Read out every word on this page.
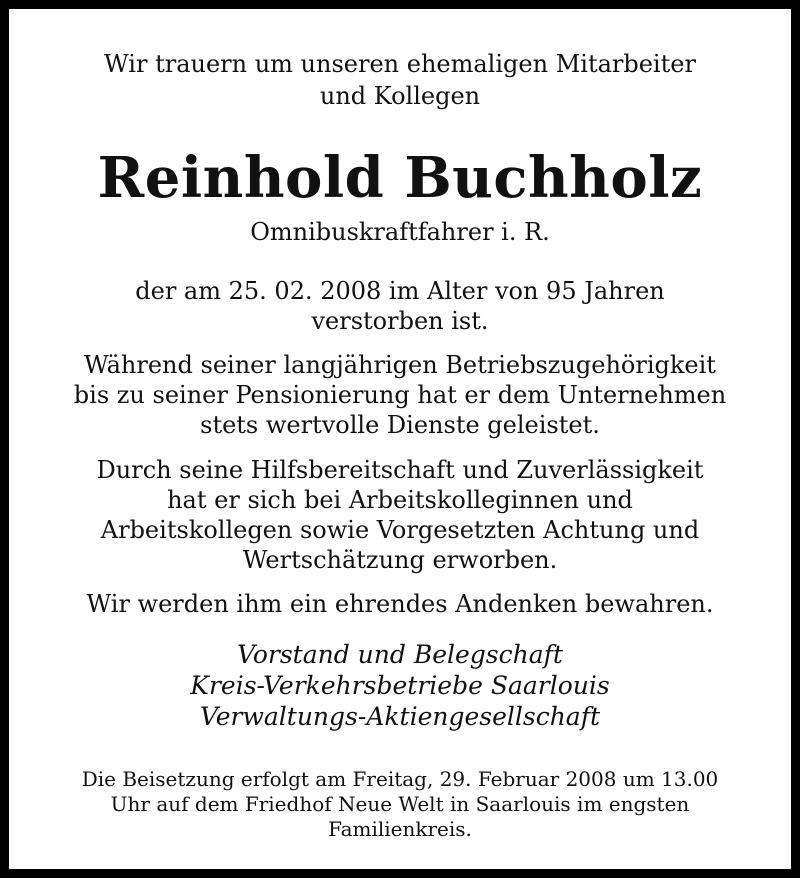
Wir trauern um unseren ehemaligen Mitarbeiter
und Kollegen
Reinhold Buchholz
Omnibuskraftfahrer i. R.
der am 25. 02. 2008 im Alter von 95 Jahren
verstorben ist.
Während seiner langjährigen Betriebszugehörigkeit
bis zu seiner Pensionierung hat er dem Unternehmen
stets wertvolle Dienste geleistet.
Durch seine Hilfsbereitschaft und Zuverlässigkeit
hat er sich bei Arbeitskolleginnen und
Arbeitskollegen sowie Vorgesetzten Achtung und
Wertschätzung erworben.
Wir werden ihm ein ehrendes Andenken bewahren.
Vorstand und Belegschaft
Kreis-Verkehrsbetriebe Saarlouis
Verwaltungs-Aktiengesellschaft
Die Beisetzung erfolgt am Freitag, 29. Februar 2008 um 13.00
Uhr auf dem Friedhof Neue Welt in Saarlouis im engsten
Familienkreis.
